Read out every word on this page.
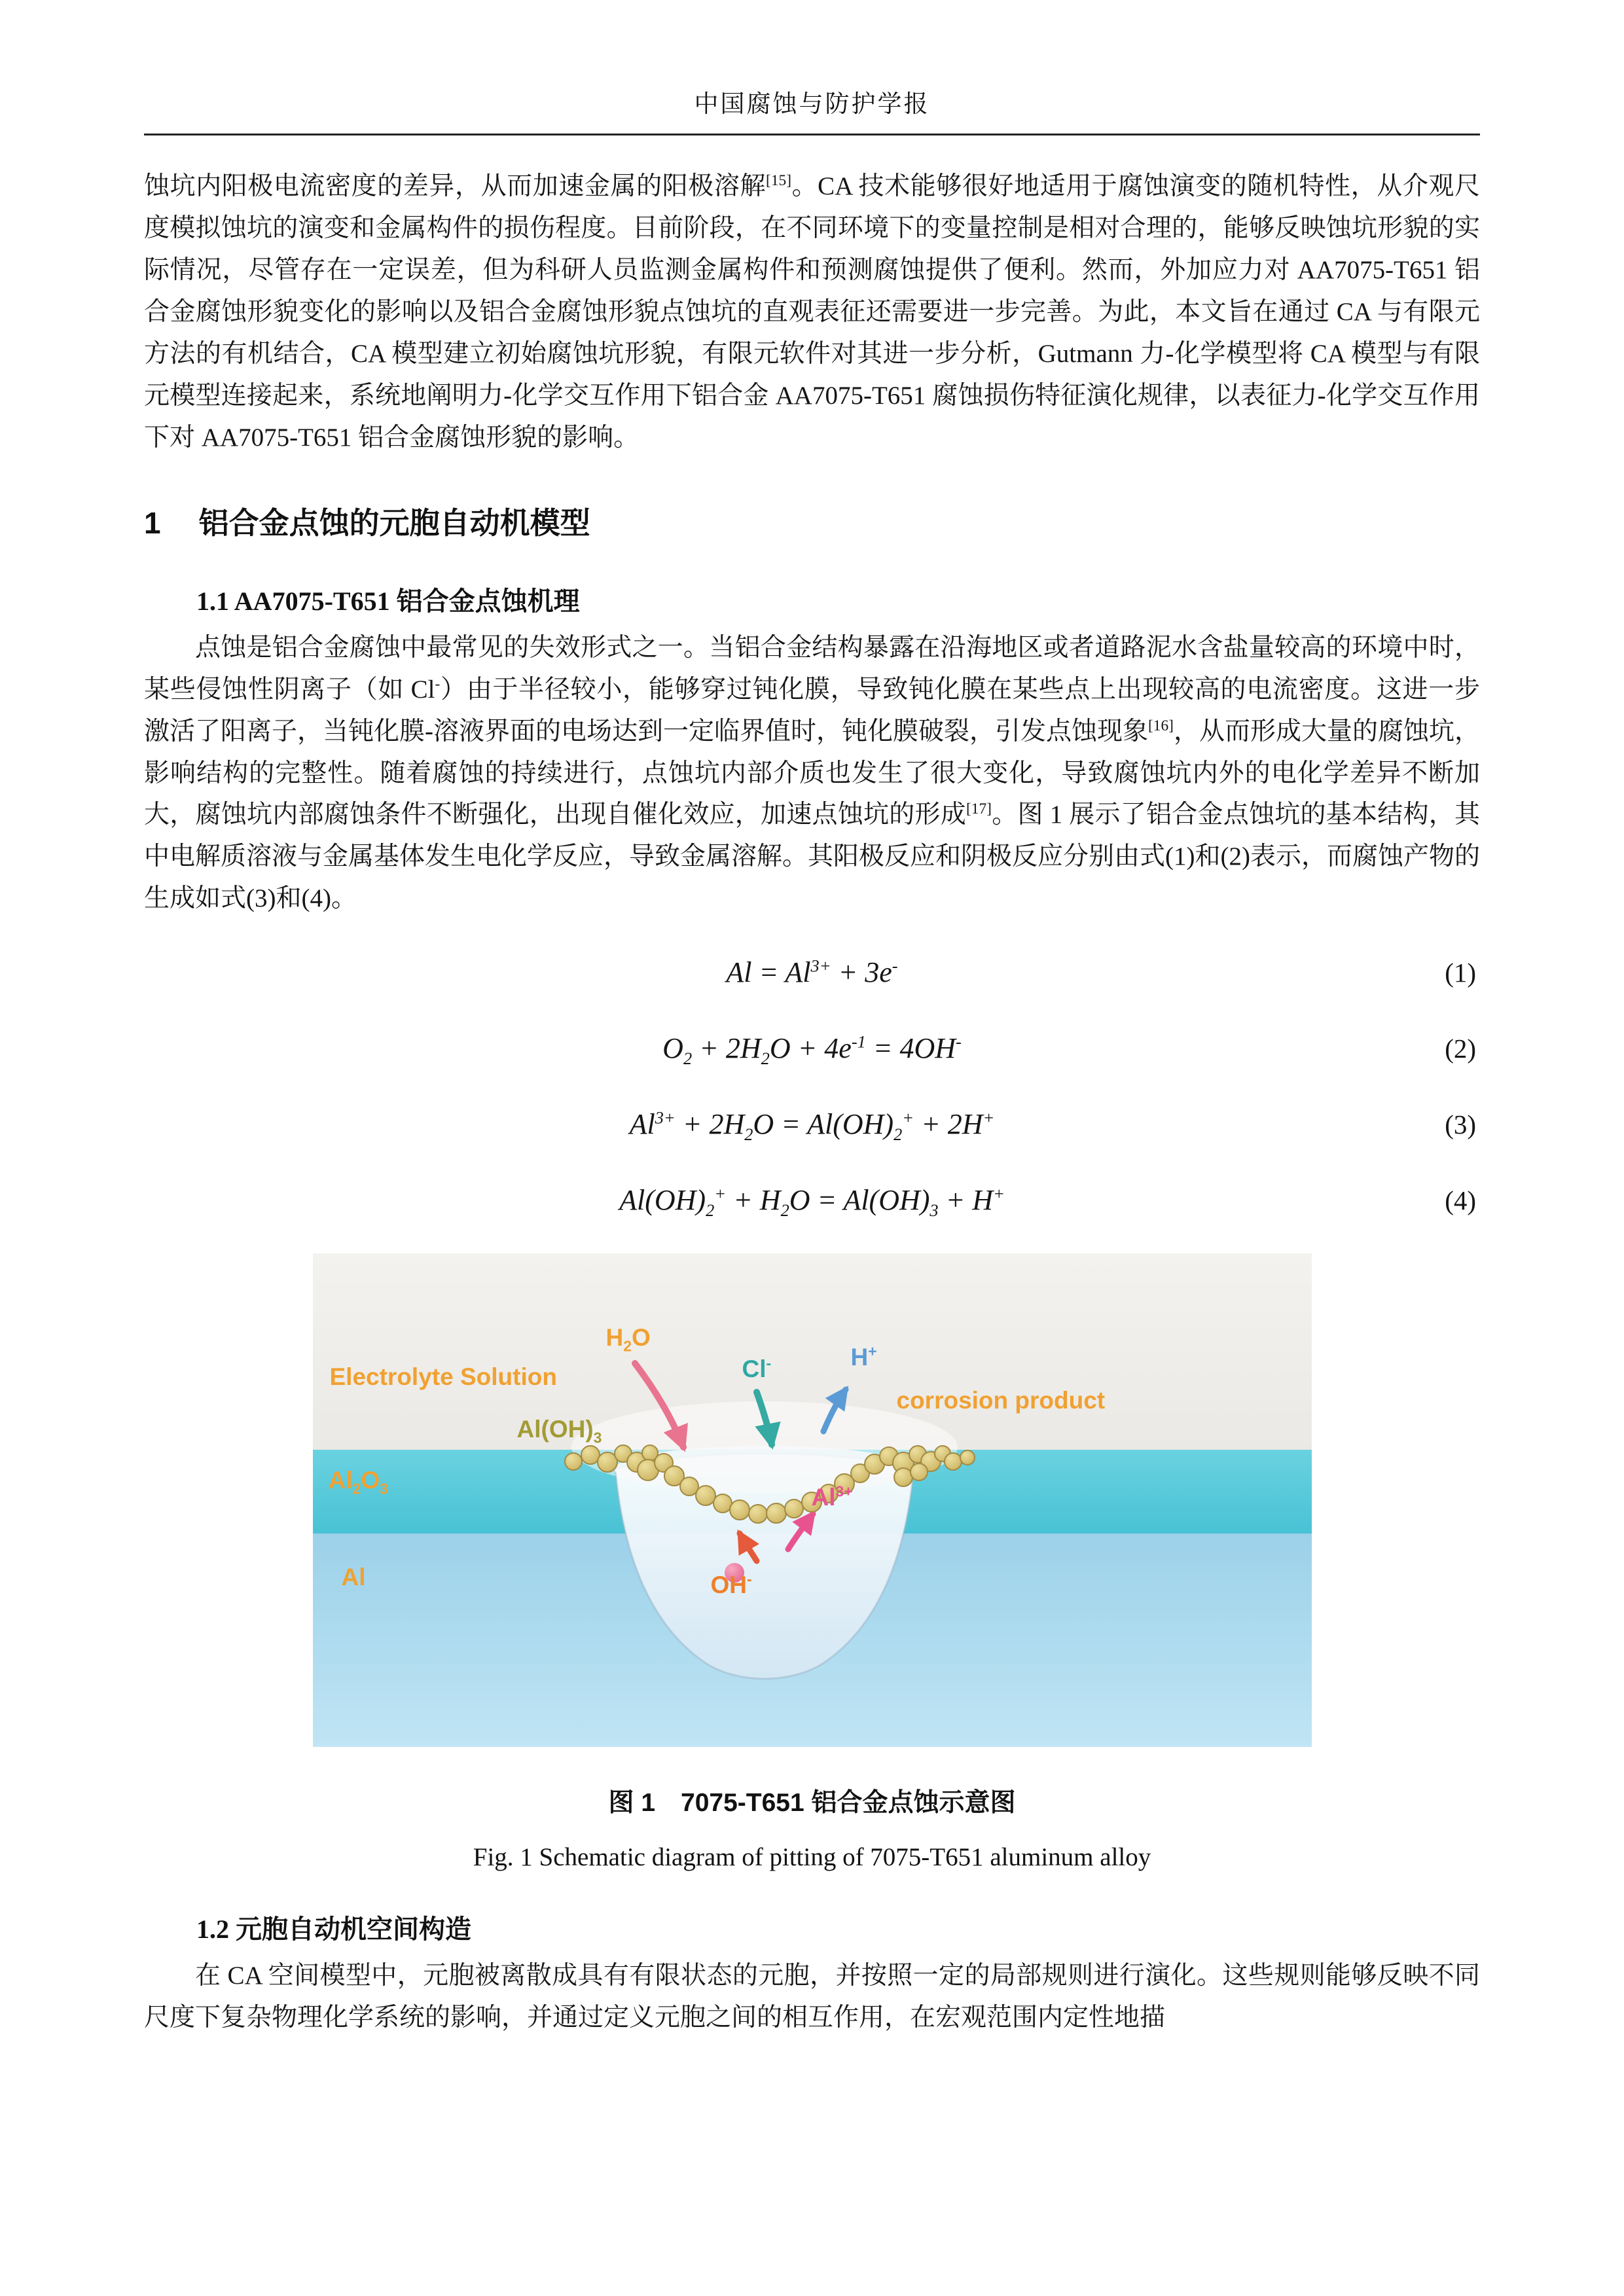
中国腐蚀与防护学报

蚀坑内阳极电流密度的差异，从而加速金属的阳极溶解[15]。CA 技术能够很好地适用于腐蚀演变的随机特性，从介观尺度模拟蚀坑的演变和金属构件的损伤程度。目前阶段，在不同环境下的变量控制是相对合理的，能够反映蚀坑形貌的实际情况，尽管存在一定误差，但为科研人员监测金属构件和预测腐蚀提供了便利。然而，外加应力对 AA7075-T651 铝合金腐蚀形貌变化的影响以及铝合金腐蚀形貌点蚀坑的直观表征还需要进一步完善。为此，本文旨在通过 CA 与有限元方法的有机结合，CA 模型建立初始腐蚀坑形貌，有限元软件对其进一步分析，Gutmann 力-化学模型将 CA 模型与有限元模型连接起来，系统地阐明力-化学交互作用下铝合金 AA7075-T651 腐蚀损伤特征演化规律，以表征力-化学交互作用下对 AA7075-T651 铝合金腐蚀形貌的影响。

1 铝合金点蚀的元胞自动机模型
1.1 AA7075-T651 铝合金点蚀机理

点蚀是铝合金腐蚀中最常见的失效形式之一。当铝合金结构暴露在沿海地区或者道路泥水含盐量较高的环境中时，某些侵蚀性阴离子（如 Cl-）由于半径较小，能够穿过钝化膜，导致钝化膜在某些点上出现较高的电流密度。这进一步激活了阳离子，当钝化膜-溶液界面的电场达到一定临界值时，钝化膜破裂，引发点蚀现象[16]，从而形成大量的腐蚀坑，影响结构的完整性。随着腐蚀的持续进行，点蚀坑内部介质也发生了很大变化，导致腐蚀坑内外的电化学差异不断加大，腐蚀坑内部腐蚀条件不断强化，出现自催化效应，加速点蚀坑的形成[17]。图 1 展示了铝合金点蚀坑的基本结构，其中电解质溶液与金属基体发生电化学反应，导致金属溶解。其阳极反应和阴极反应分别由式(1)和(2)表示，而腐蚀产物的生成如式(3)和(4)。

$Al = Al^{3+} + 3e^-$	(1)
$O_2 + 2H_2O + 4e^{-1} = 4OH^-$	(2)
$Al^{3+} + 2H_2O = Al(OH)_2^+ + 2H^+$	(3)
$Al(OH)_2^+ + H_2O = Al(OH)_3 + H^+$	(4)
Electrolyte Solution
$H_2O$
Cl-	H+
corrosion product
$Al(OH)_3$
$Al_2O_3$
Al
$Al^{3+}$
OH-
图 1　7075-T651 铝合金点蚀示意图
Fig. 1 Schematic diagram of pitting of 7075-T651 aluminum alloy
1.2 元胞自动机空间构造

在 CA 空间模型中，元胞被离散成具有有限状态的元胞，并按照一定的局部规则进行演化。这些规则能够反映不同尺度下复杂物理化学系统的影响，并通过定义元胞之间的相互作用，在宏观范围内定性地描
